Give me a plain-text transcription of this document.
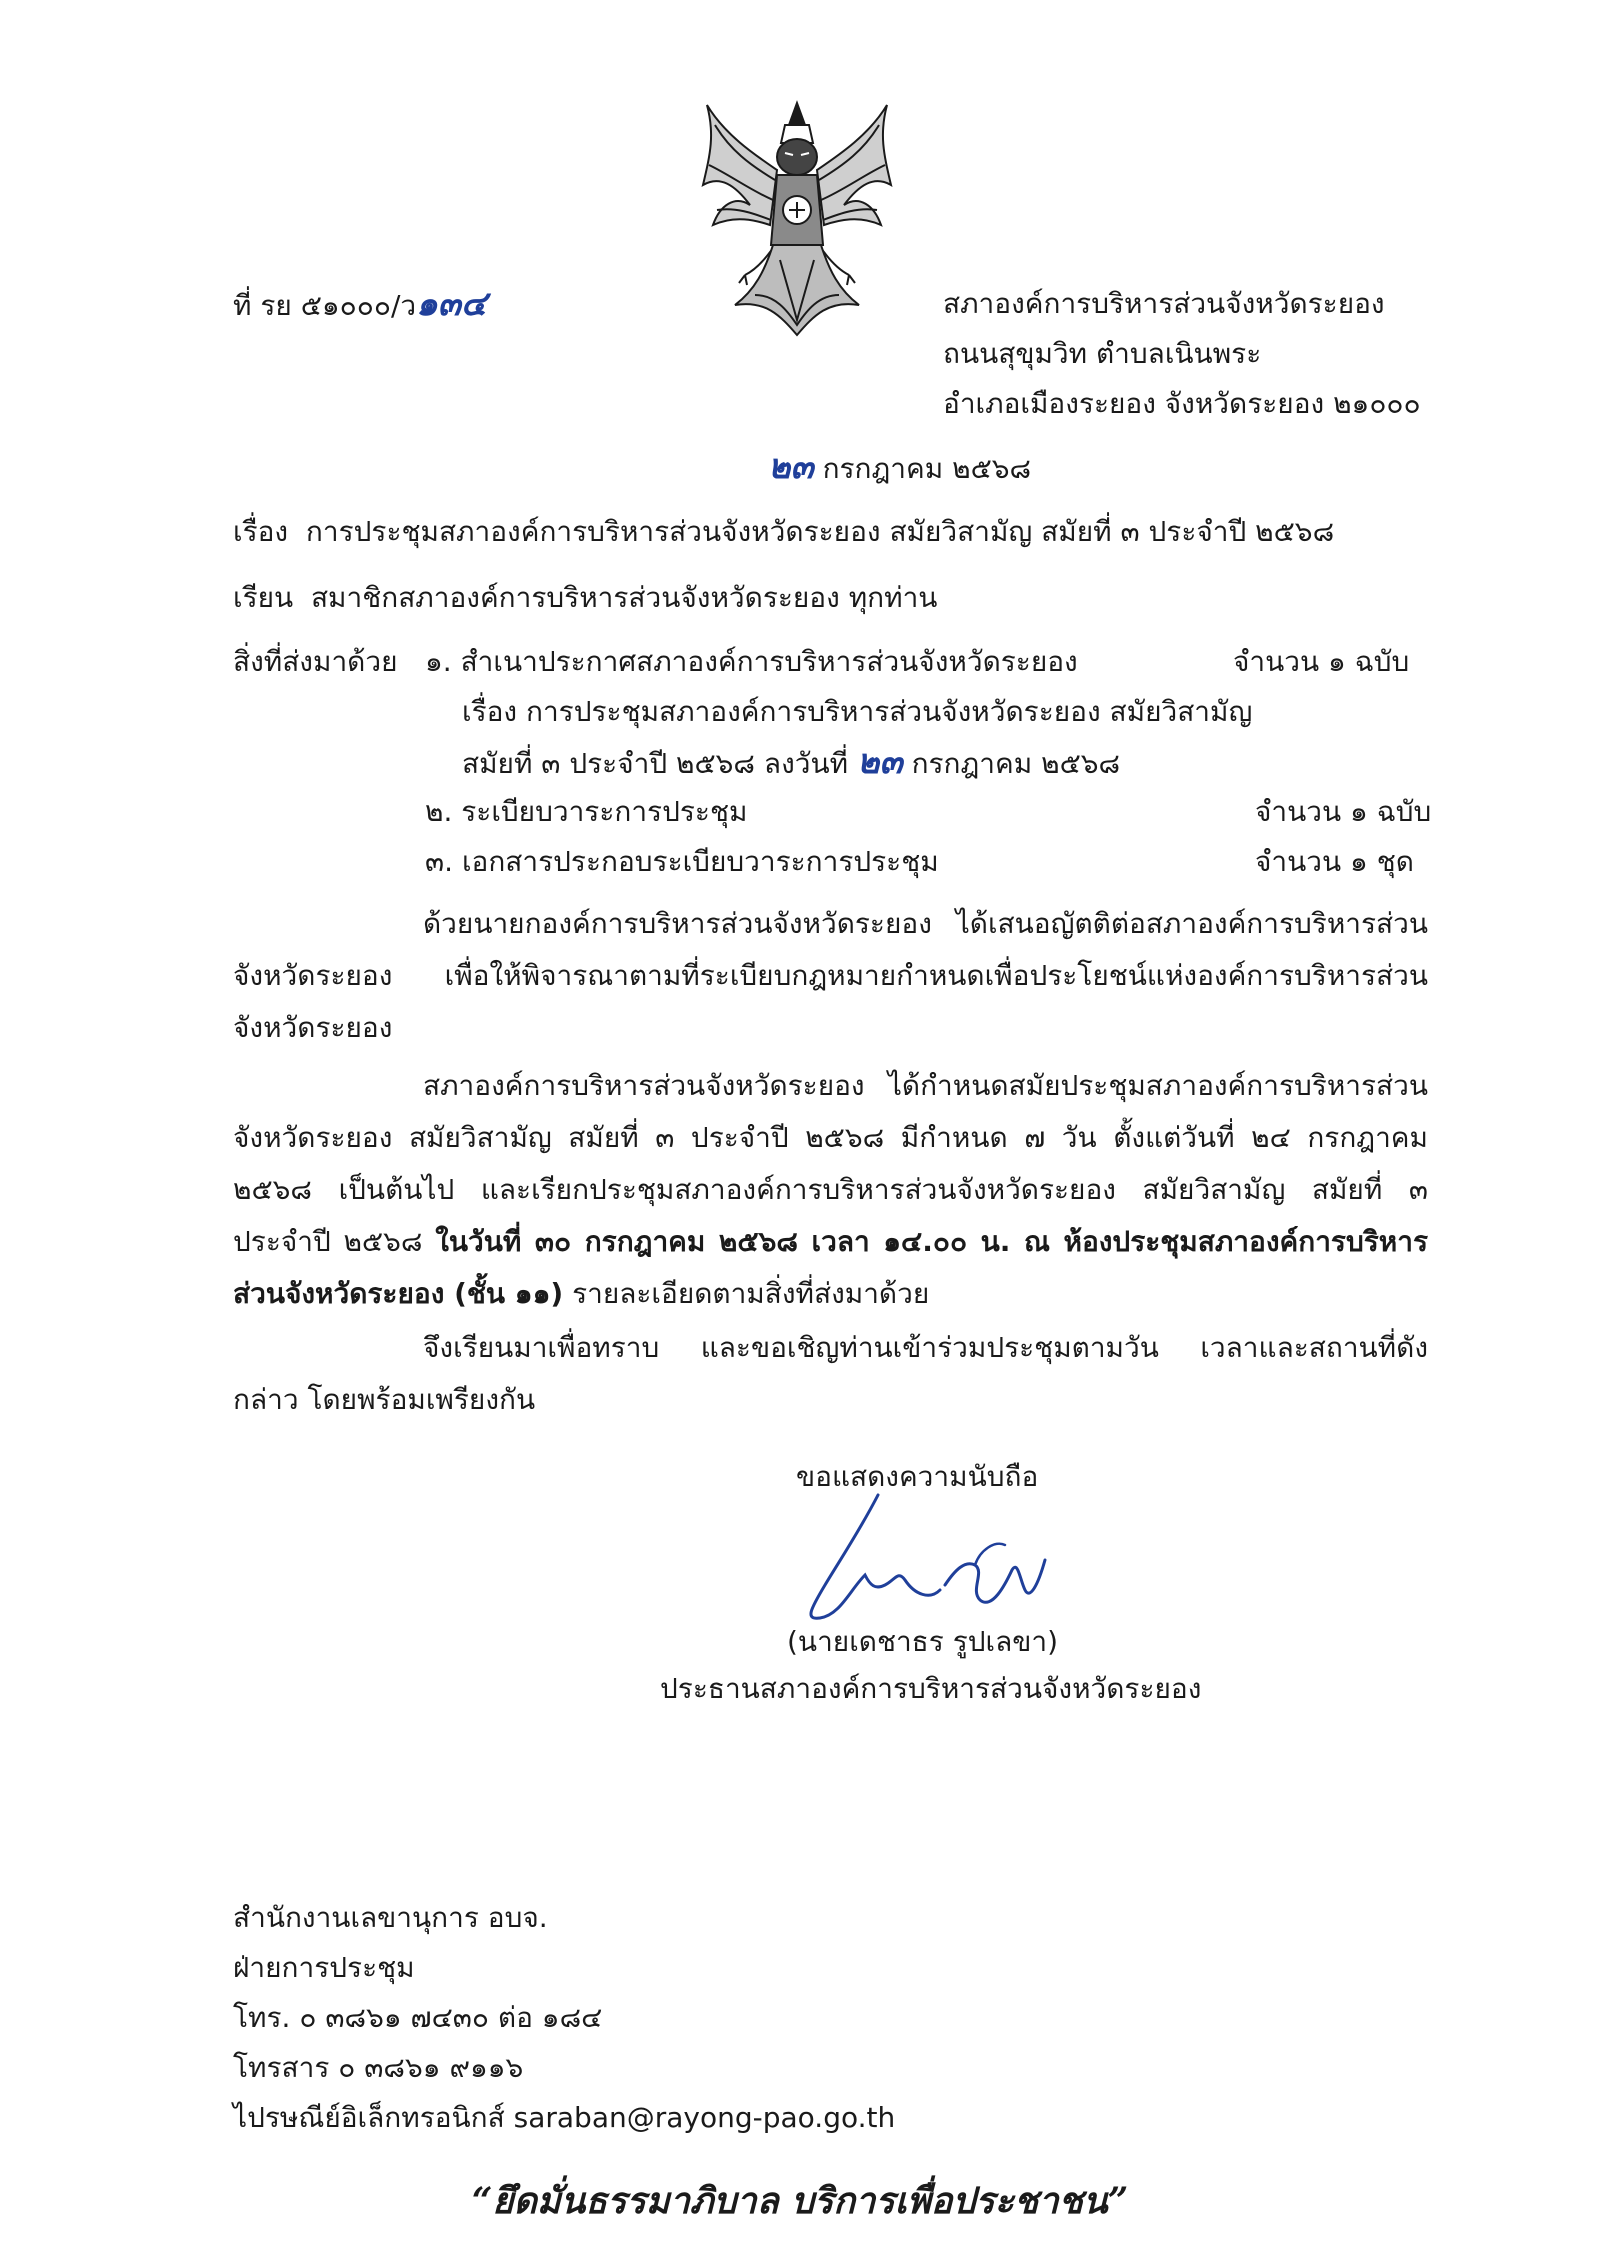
ที่ รย ๕๑๐๐๐/ว๑๓๔	สภาองค์การบริหารส่วนจังหวัดระยอง
ถนนสุขุมวิท ตำบลเนินพระ
อำเภอเมืองระยอง จังหวัดระยอง ๒๑๐๐๐
๒๓ กรกฎาคม ๒๕๖๘
เรื่อง การประชุมสภาองค์การบริหารส่วนจังหวัดระยอง สมัยวิสามัญ สมัยที่ ๓ ประจำปี ๒๕๖๘
เรียน สมาชิกสภาองค์การบริหารส่วนจังหวัดระยอง ทุกท่าน
สิ่งที่ส่งมาด้วย ๑. สำเนาประกาศสภาองค์การบริหารส่วนจังหวัดระยอง	จำนวน ๑ ฉบับ
เรื่อง การประชุมสภาองค์การบริหารส่วนจังหวัดระยอง สมัยวิสามัญ
สมัยที่ ๓ ประจำปี ๒๕๖๘ ลงวันที่ ๒๓ กรกฎาคม ๒๕๖๘
๒. ระเบียบวาระการประชุม	จำนวน ๑ ฉบับ
๓. เอกสารประกอบระเบียบวาระการประชุม	จำนวน ๑ ชุด
ด้วยนายกองค์การบริหารส่วนจังหวัดระยอง ได้เสนอญัตติต่อสภาองค์การบริหารส่วนจังหวัดระยอง เพื่อให้พิจารณาตามที่ระเบียบกฎหมายกำหนดเพื่อประโยชน์แห่งองค์การบริหารส่วนจังหวัดระยอง
สภาองค์การบริหารส่วนจังหวัดระยอง ได้กำหนดสมัยประชุมสภาองค์การบริหารส่วนจังหวัดระยอง สมัยวิสามัญ สมัยที่ ๓ ประจำปี ๒๕๖๘ มีกำหนด ๗ วัน ตั้งแต่วันที่ ๒๔ กรกฎาคม ๒๕๖๘ เป็นต้นไป และเรียกประชุมสภาองค์การบริหารส่วนจังหวัดระยอง สมัยวิสามัญ สมัยที่ ๓ ประจำปี ๒๕๖๘ ในวันที่ ๓๐ กรกฎาคม ๒๕๖๘ เวลา ๑๔.๐๐ น. ณ ห้องประชุมสภาองค์การบริหารส่วนจังหวัดระยอง (ชั้น ๑๑) รายละเอียดตามสิ่งที่ส่งมาด้วย
จึงเรียนมาเพื่อทราบ และขอเชิญท่านเข้าร่วมประชุมตามวัน เวลาและสถานที่ดังกล่าว โดยพร้อมเพรียงกัน
ขอแสดงความนับถือ
(นายเดชาธร รูปเลขา)
ประธานสภาองค์การบริหารส่วนจังหวัดระยอง
สำนักงานเลขานุการ อบจ.
ฝ่ายการประชุม
โทร. ๐ ๓๘๖๑ ๗๔๓๐ ต่อ ๑๘๔
โทรสาร ๐ ๓๘๖๑ ๙๑๑๖
ไปรษณีย์อิเล็กทรอนิกส์ saraban@rayong-pao.go.th
“ยึดมั่นธรรมาภิบาล บริการเพื่อประชาชน”
